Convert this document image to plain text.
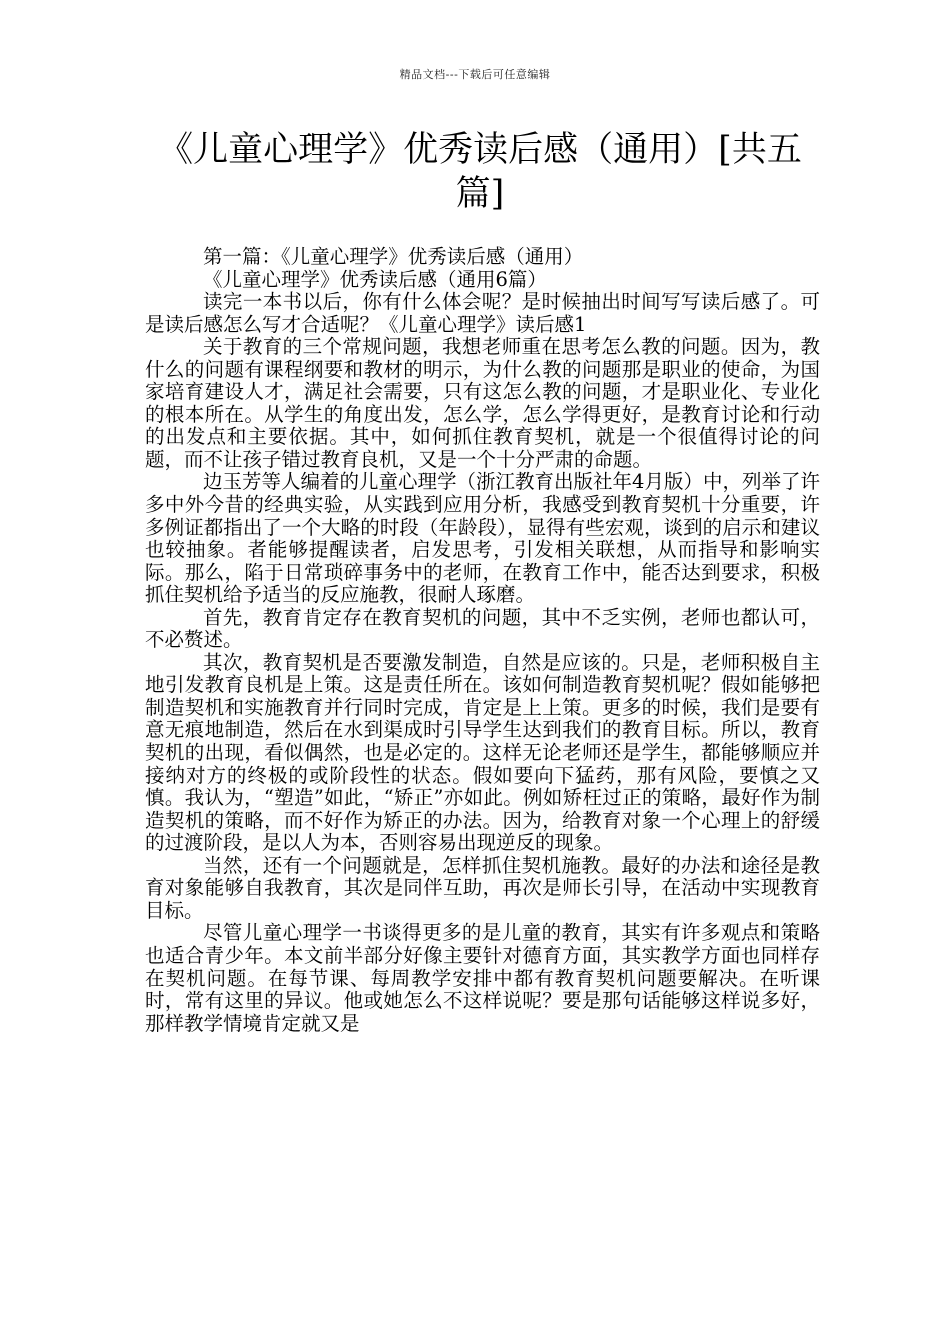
精品文档---下载后可任意编辑
《儿童心理学》优秀读后感（通用）[共五篇]

第一篇：《儿童心理学》优秀读后感（通用）

《儿童心理学》优秀读后感（通用6篇）

读完一本书以后，你有什么体会呢？是时候抽出时间写写读后感了。可是读后感怎么写才合适呢？《儿童心理学》读后感1

关于教育的三个常规问题，我想老师重在思考怎么教的问题。因为，教什么的问题有课程纲要和教材的明示，为什么教的问题那是职业的使命，为国家培育建设人才，满足社会需要，只有这怎么教的问题，才是职业化、专业化的根本所在。从学生的角度出发，怎么学，怎么学得更好，是教育讨论和行动的出发点和主要依据。其中，如何抓住教育契机，就是一个很值得讨论的问题，而不让孩子错过教育良机，又是一个十分严肃的命题。

边玉芳等人编着的儿童心理学（浙江教育出版社年4月版）中，列举了许多中外今昔的经典实验，从实践到应用分析，我感受到教育契机十分重要，许多例证都指出了一个大略的时段（年龄段），显得有些宏观，谈到的启示和建议也较抽象。者能够提醒读者，启发思考，引发相关联想，从而指导和影响实际。那么，陷于日常琐碎事务中的老师，在教育工作中，能否达到要求，积极抓住契机给予适当的反应施教，很耐人琢磨。

首先，教育肯定存在教育契机的问题，其中不乏实例，老师也都认可，不必赘述。

其次，教育契机是否要激发制造，自然是应该的。只是，老师积极自主地引发教育良机是上策。这是责任所在。该如何制造教育契机呢？假如能够把制造契机和实施教育并行同时完成，肯定是上上策。更多的时候，我们是要有意无痕地制造，然后在水到渠成时引导学生达到我们的教育目标。所以，教育契机的出现，看似偶然，也是必定的。这样无论老师还是学生，都能够顺应并接纳对方的终极的或阶段性的状态。假如要向下猛药，那有风险，要慎之又慎。我认为，“塑造”如此，“矫正”亦如此。例如矫枉过正的策略，最好作为制造契机的策略，而不好作为矫正的办法。因为，给教育对象一个心理上的舒缓的过渡阶段，是以人为本，否则容易出现逆反的现象。

当然，还有一个问题就是，怎样抓住契机施教。最好的办法和途径是教育对象能够自我教育，其次是同伴互助，再次是师长引导，在活动中实现教育目标。

尽管儿童心理学一书谈得更多的是儿童的教育，其实有许多观点和策略也适合青少年。本文前半部分好像主要针对德育方面，其实教学方面也同样存在契机问题。在每节课、每周教学安排中都有教育契机问题要解决。在听课时，常有这里的异议。他或她怎么不这样说呢？要是那句话能够这样说多好，那样教学情境肯定就又是
